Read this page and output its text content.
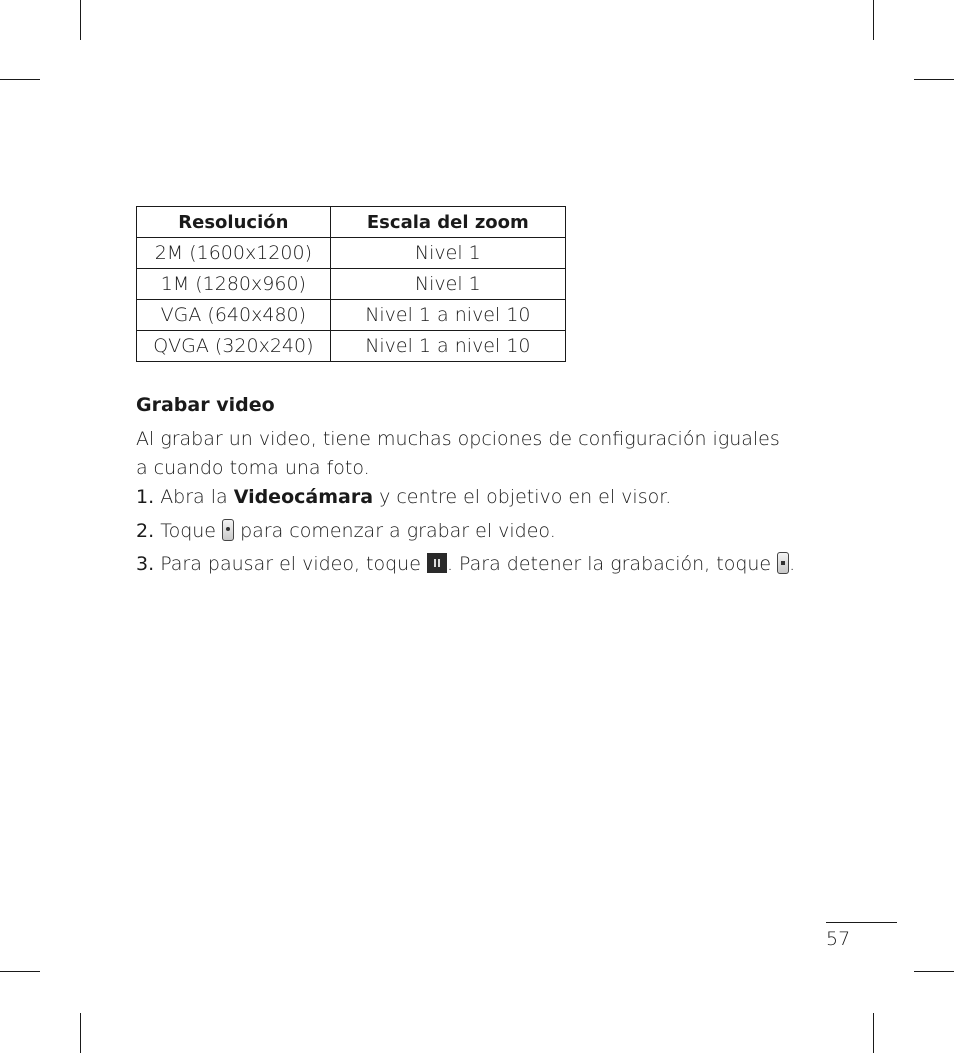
Resolución	Escala del zoom
2M (1600x1200)	Nivel 1
1M (1280x960)	Nivel 1
VGA (640x480)	Nivel 1 a nivel 10
QVGA (320x240)	Nivel 1 a nivel 10
Grabar video

Al grabar un video, tiene muchas opciones de configuración iguales a cuando toma una foto.

1. Abra la Videocámara y centre el objetivo en el visor.

2. Toque  para comenzar a grabar el video.

3. Para pausar el video, toque . Para detener la grabación, toque .

57
